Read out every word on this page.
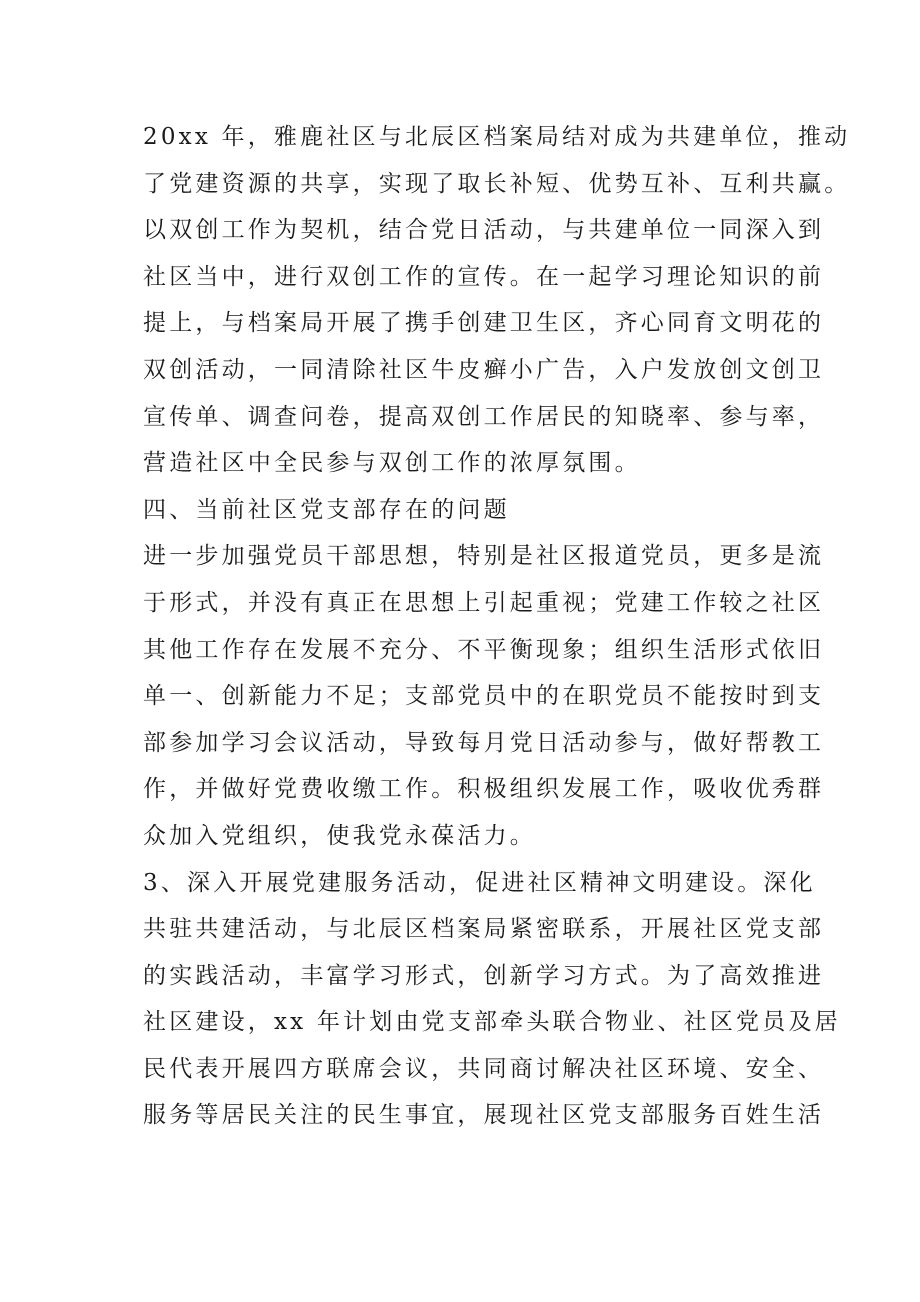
20xx 年，雅鹿社区与北辰区档案局结对成为共建单位，推动
了党建资源的共享，实现了取长补短、优势互补、互利共赢。
以双创工作为契机，结合党日活动，与共建单位一同深入到
社区当中，进行双创工作的宣传。在一起学习理论知识的前
提上，与档案局开展了携手创建卫生区，齐心同育文明花的
双创活动，一同清除社区牛皮癣小广告，入户发放创文创卫
宣传单、调查问卷，提高双创工作居民的知晓率、参与率，
营造社区中全民参与双创工作的浓厚氛围。
四、当前社区党支部存在的问题
进一步加强党员干部思想，特别是社区报道党员，更多是流
于形式，并没有真正在思想上引起重视；党建工作较之社区
其他工作存在发展不充分、不平衡现象；组织生活形式依旧
单一、创新能力不足；支部党员中的在职党员不能按时到支
部参加学习会议活动，导致每月党日活动参与，做好帮教工
作，并做好党费收缴工作。积极组织发展工作，吸收优秀群
众加入党组织，使我党永葆活力。
3、深入开展党建服务活动，促进社区精神文明建设。深化
共驻共建活动，与北辰区档案局紧密联系，开展社区党支部
的实践活动，丰富学习形式，创新学习方式。为了高效推进
社区建设，xx 年计划由党支部牵头联合物业、社区党员及居
民代表开展四方联席会议，共同商讨解决社区环境、安全、
服务等居民关注的民生事宜，展现社区党支部服务百姓生活
